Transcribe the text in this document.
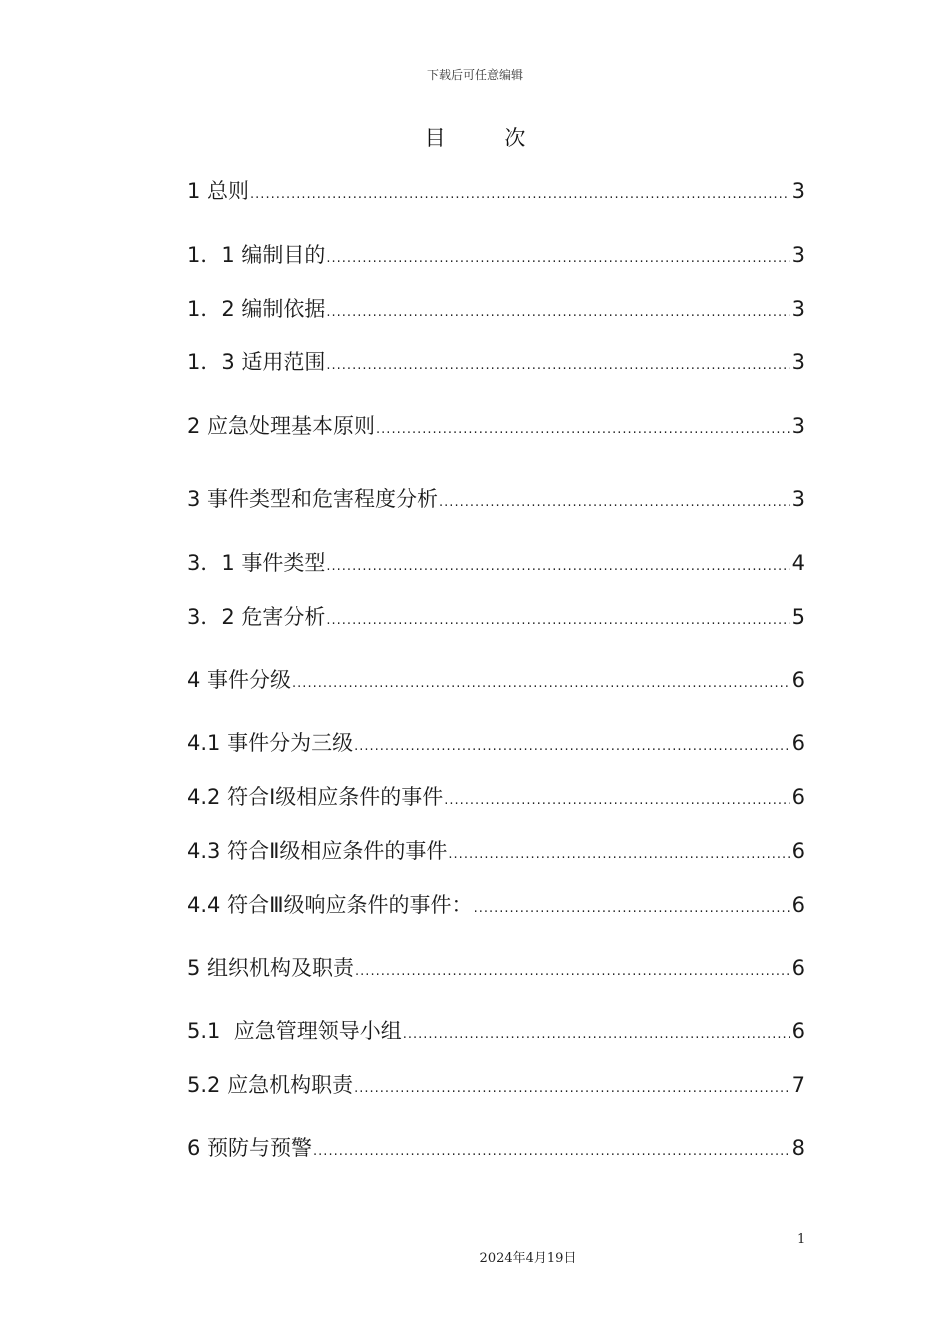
下载后可任意编辑
目 次
1 总则 .....	3
1．1 编制目的 .....	3
1．2 编制依据 .....	3
1．3 适用范围 .....	3
2 应急处理基本原则 .....	3
3 事件类型和危害程度分析 .....	3
3．1 事件类型 .....	4
3．2 危害分析 .....	5
4 事件分级 .....	6
4.1 事件分为三级 .....	6
4.2 符合Ⅰ级相应条件的事件 .....	6
4.3 符合Ⅱ级相应条件的事件 .....	6
4.4 符合Ⅲ级响应条件的事件： .....	6
5 组织机构及职责 .....	6
5.1  应急管理领导小组 .....	6
5.2 应急机构职责 .....	7
6 预防与预警 .....	8
1
2024年4月19日
